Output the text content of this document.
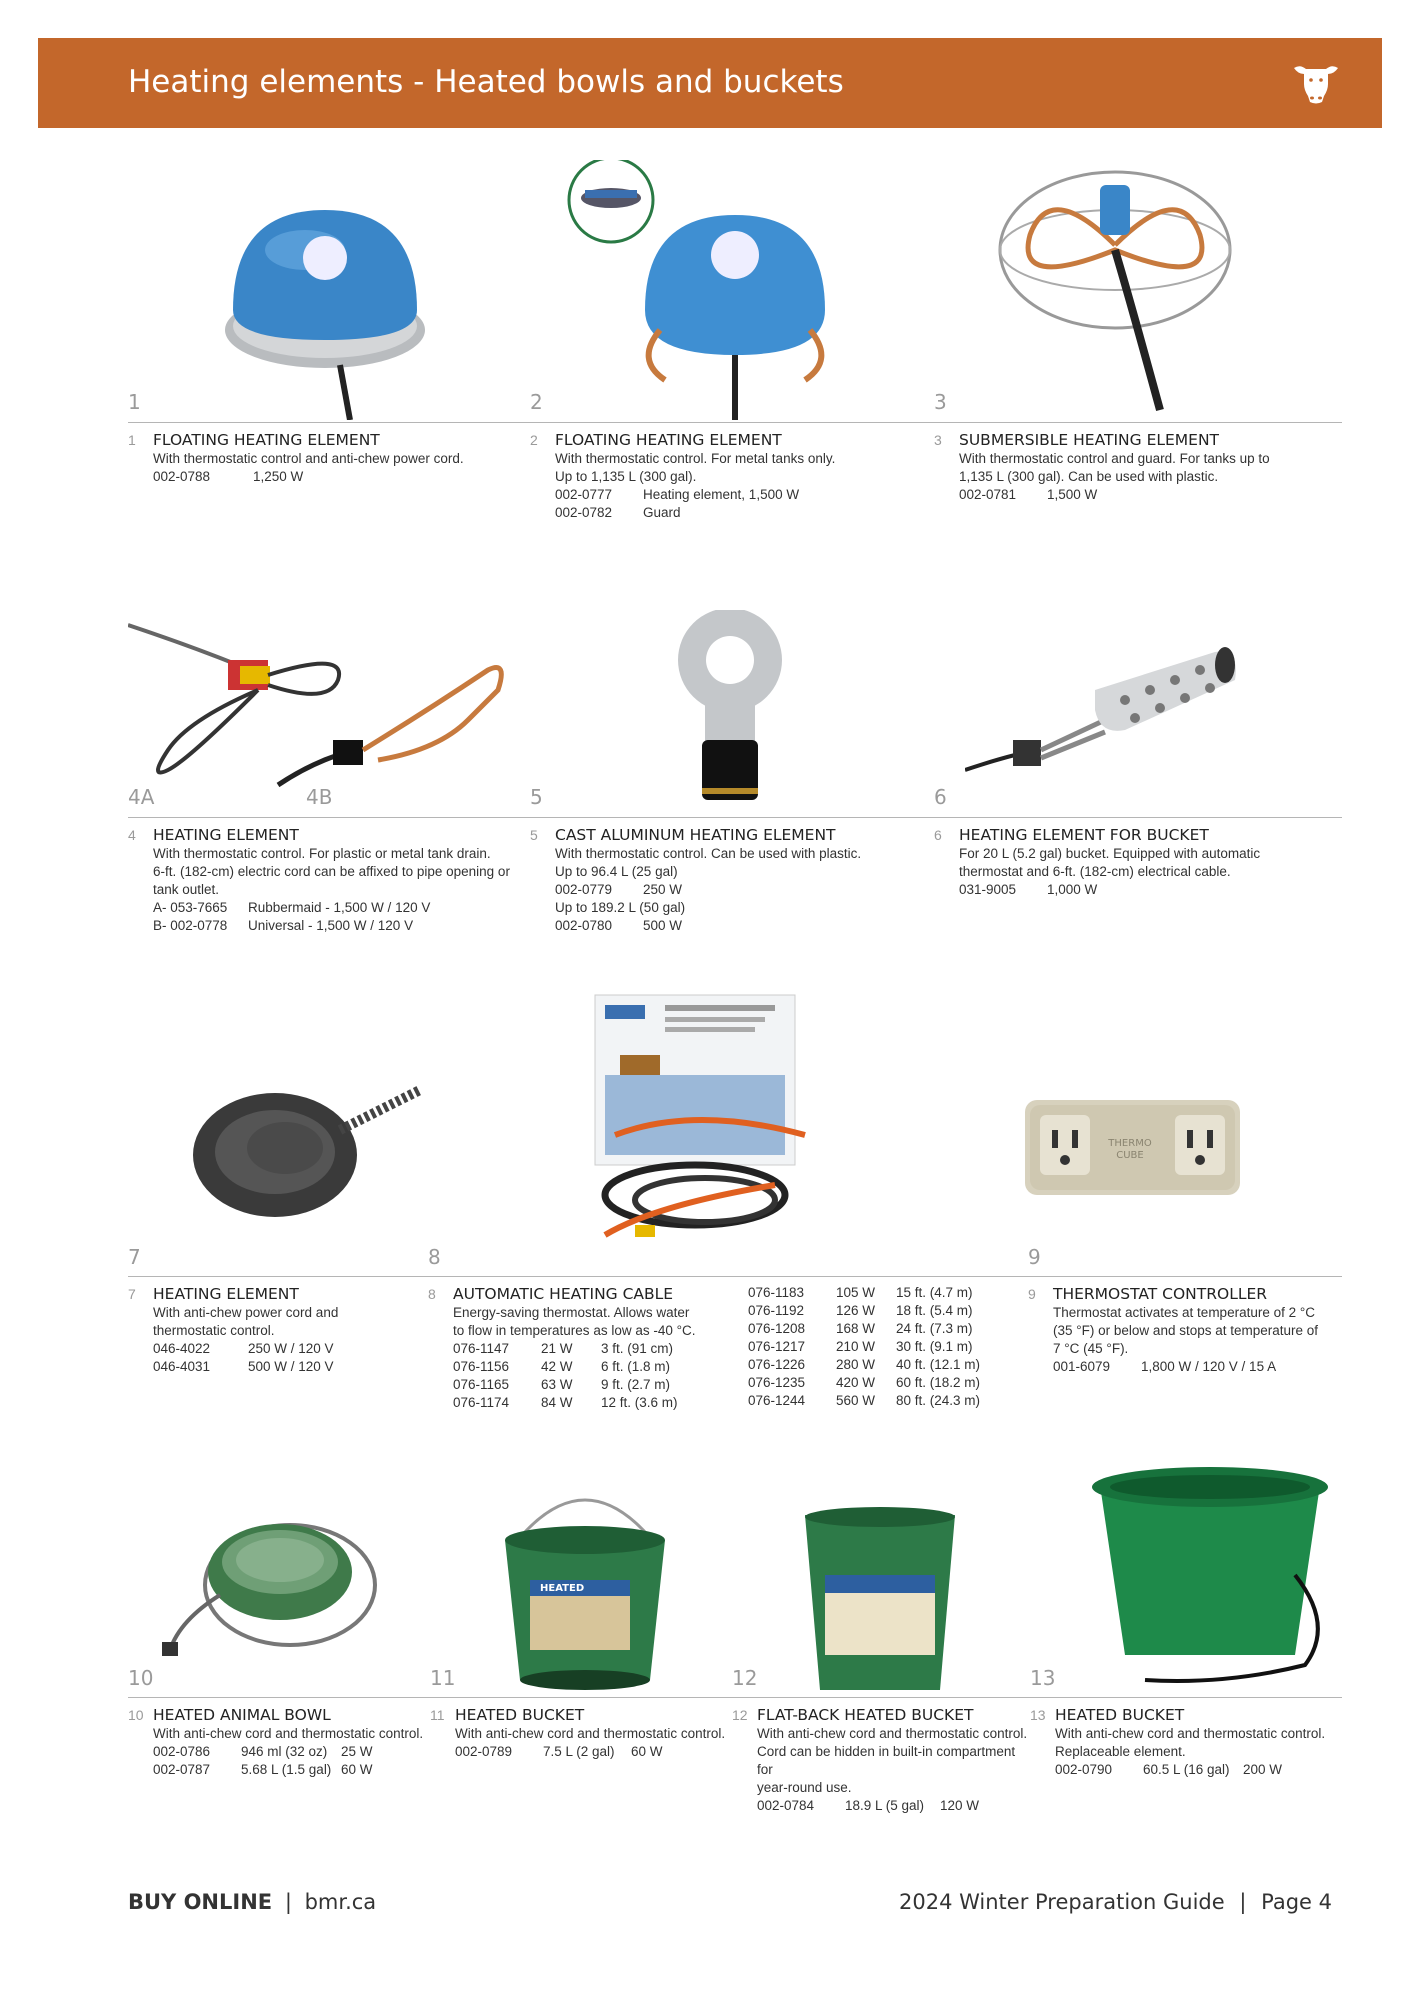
Heating elements - Heated bowls and buckets
1	2	3
1 FLOATING HEATING ELEMENT
With thermostatic control and anti-chew power cord.
002-0788	1,250 W
2 FLOATING HEATING ELEMENT
With thermostatic control. For metal tanks only.
Up to 1,135 L (300 gal).
002-0777	Heating element, 1,500 W
002-0782	Guard
3 SUBMERSIBLE HEATING ELEMENT
With thermostatic control and guard. For tanks up to
1,135 L (300 gal). Can be used with plastic.
002-0781	1,500 W
4A	4B	5	6
4 HEATING ELEMENT
With thermostatic control. For plastic or metal tank drain.
6-ft. (182-cm) electric cord can be affixed to pipe opening or
tank outlet.
A- 053-7665	Rubbermaid - 1,500 W / 120 V
B- 002-0778	Universal - 1,500 W / 120 V
5 CAST ALUMINUM HEATING ELEMENT
With thermostatic control. Can be used with plastic.
Up to 96.4 L (25 gal)
002-0779	250 W
Up to 189.2 L (50 gal)
002-0780	500 W
6 HEATING ELEMENT FOR BUCKET
For 20 L (5.2 gal) bucket. Equipped with automatic
thermostat and 6-ft. (182-cm) electrical cable.
031-9005	1,000 W
THERMO CUBE
7	8	9
7 HEATING ELEMENT
With anti-chew power cord and
thermostatic control.
046-4022	250 W / 120 V
046-4031	500 W / 120 V
8 AUTOMATIC HEATING CABLE
Energy-saving thermostat. Allows water
to flow in temperatures as low as -40 °C.
076-1147	21 W	3 ft. (91 cm)
076-1156	42 W	6 ft. (1.8 m)
076-1165	63 W	9 ft. (2.7 m)
076-1174	84 W	12 ft. (3.6 m)
076-1183	105 W	15 ft. (4.7 m)
076-1192	126 W	18 ft. (5.4 m)
076-1208	168 W	24 ft. (7.3 m)
076-1217	210 W	30 ft. (9.1 m)
076-1226	280 W	40 ft. (12.1 m)
076-1235	420 W	60 ft. (18.2 m)
076-1244	560 W	80 ft. (24.3 m)
9 THERMOSTAT CONTROLLER
Thermostat activates at temperature of 2 °C
(35 °F) or below and stops at temperature of
7 °C (45 °F).
001-6079	1,800 W / 120 V / 15 A
HEATED
10	11	12	13
10 HEATED ANIMAL BOWL
With anti-chew cord and thermostatic control.
002-0786	946 ml (32 oz)	25 W
002-0787	5.68 L (1.5 gal) 60 W
11 HEATED BUCKET
With anti-chew cord and thermostatic control.
002-0789	7.5 L (2 gal)	60 W
12 FLAT-BACK HEATED BUCKET
With anti-chew cord and thermostatic control.
Cord can be hidden in built-in compartment for
year-round use.
002-0784	18.9 L (5 gal)	120 W
13 HEATED BUCKET
With anti-chew cord and thermostatic control.
Replaceable element.
002-0790	60.5 L (16 gal) 200 W
BUY ONLINE | bmr.ca	2024 Winter Preparation Guide | Page 4
